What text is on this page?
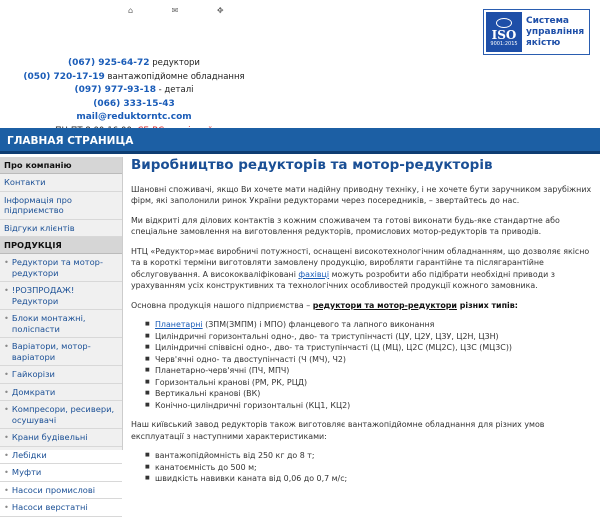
⌂	✉	✥
ISO
9001:2015
Система
управління
якістю
(067) 925-64-72 редуктори
(050) 720-17-19 вантажопідйомне обладнання
(097) 977-93-18 - деталі
(066) 333-15-43
mail@reduktorntc.com
ГЛАВНАЯ СТРАНИЦА
Про компанію
Контакти
Інформація про підприємство
Відгуки клієнтів
ПРОДУКЦІЯ
• Редуктори та мотор-редуктори
• !РОЗПРОДАЖ! Редуктори
• Блоки монтажні, поліспасти
• Варіатори, мотор-варіатори
• Гайкорізи
• Домкрати
• Компресори, ресивери, осушувачі
• Крани будівельні
• Лебідки
• Муфти
• Насоси промислові
• Насоси верстатні
Виробництво редукторів та мотор-редукторів

Шановні споживачі, якщо Ви хочете мати надійну приводну техніку, і не хочете бути заручником зарубіжних фірм, які заполонили ринок України редукторами через посередників, – звертайтесь до нас.

Ми відкриті для ділових контактів з кожним споживачем та готові виконати будь-яке стандартне або спеціальне замовлення на виготовлення редукторів, промислових мотор-редукторів та приводів.

НТЦ «Редуктор»має виробничі потужності, оснащені високотехнологічним обладнанням, що дозволяє якісно та в короткі терміни виготовляти замовлену продукцію, виробляти гарантійне та післягарантійне обслуговування. А висококваліфіковані фахівці можуть розробити або підібрати необхідні приводи з урахуванням усіх конструктивних та технологічних особливостей продукції кожного замовника.

Основна продукція нашого підприємства – редуктори та мотор-редуктори різних типів:

■ Планетарні (ЗПМ(ЗМПМ) і МПО) фланцевого та лапного виконання
■ Циліндричні горизонтальні одно-, дво- та триступінчасті (ЦУ, Ц2У, Ц3У, Ц2Н, Ц3Н)
■ Циліндричні співвісні одно-, дво- та триступінчасті (Ц (МЦ), Ц2С (МЦ2С), Ц3С (МЦ3С))
■ Черв'ячні одно- та двоступінчасті (Ч (МЧ), Ч2)
■ Планетарно-черв'ячні (ПЧ, МПЧ)
■ Горизонтальні кранові (РМ, РК, РЦД)
■ Вертикальні кранові (ВК)
■ Конічно-циліндричні горизонтальні (КЦ1, КЦ2)

Наш київський завод редукторів також виготовляє вантажопідйомне обладнання для різних умов експлуатації з наступними характеристиками:

■ вантажопідйомність від 250 кг до 8 т;
■ канатоємність до 500 м;
■ швидкість навивки каната від 0,06 до 0,7 м/с;
